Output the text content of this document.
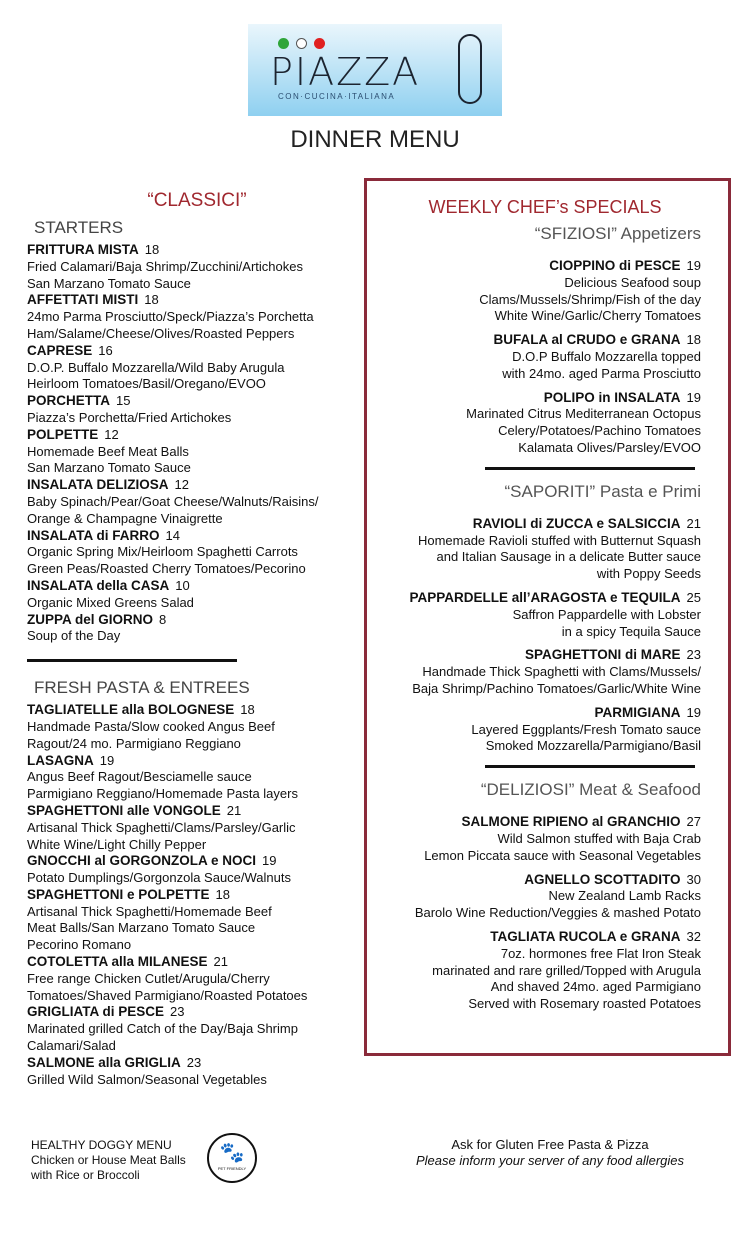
PIAZZA
CON·CUCINA·ITALIANA
DINNER MENU
“CLASSICI”
STARTERS
FRITTURA MISTA 18
Fried Calamari/Baja Shrimp/Zucchini/Artichokes
San Marzano Tomato Sauce
AFFETTATI MISTI 18
24mo Parma Prosciutto/Speck/Piazza’s Porchetta
Ham/Salame/Cheese/Olives/Roasted Peppers
CAPRESE 16
D.O.P. Buffalo Mozzarella/Wild Baby Arugula
Heirloom Tomatoes/Basil/Oregano/EVOO
PORCHETTA 15
Piazza’s Porchetta/Fried Artichokes
POLPETTE 12
Homemade Beef Meat Balls
San Marzano Tomato Sauce
INSALATA DELIZIOSA 12
Baby Spinach/Pear/Goat Cheese/Walnuts/Raisins/
Orange & Champagne Vinaigrette
INSALATA di FARRO 14
Organic Spring Mix/Heirloom Spaghetti Carrots
Green Peas/Roasted Cherry Tomatoes/Pecorino
INSALATA della CASA 10
Organic Mixed Greens Salad
ZUPPA del GIORNO 8
Soup of the Day
FRESH PASTA & ENTREES
TAGLIATELLE alla BOLOGNESE 18
Handmade Pasta/Slow cooked Angus Beef
Ragout/24 mo. Parmigiano Reggiano
LASAGNA 19
Angus Beef Ragout/Besciamelle sauce
Parmigiano Reggiano/Homemade Pasta layers
SPAGHETTONI alle VONGOLE 21
Artisanal Thick Spaghetti/Clams/Parsley/Garlic
White Wine/Light Chilly Pepper
GNOCCHI al GORGONZOLA e NOCI 19
Potato Dumplings/Gorgonzola Sauce/Walnuts
SPAGHETTONI e POLPETTE 18
Artisanal Thick Spaghetti/Homemade Beef
Meat Balls/San Marzano Tomato Sauce
Pecorino Romano
COTOLETTA alla MILANESE 21
Free range Chicken Cutlet/Arugula/Cherry
Tomatoes/Shaved Parmigiano/Roasted Potatoes
GRIGLIATA di PESCE 23
Marinated grilled Catch of the Day/Baja Shrimp
Calamari/Salad
SALMONE alla GRIGLIA 23
Grilled Wild Salmon/Seasonal Vegetables
WEEKLY CHEF’s SPECIALS
“SFIZIOSI” Appetizers
CIOPPINO di PESCE 19
Delicious Seafood soup
Clams/Mussels/Shrimp/Fish of the day
White Wine/Garlic/Cherry Tomatoes
BUFALA al CRUDO e GRANA 18
D.O.P Buffalo Mozzarella topped
with 24mo. aged Parma Prosciutto
POLIPO in INSALATA 19
Marinated Citrus Mediterranean Octopus
Celery/Potatoes/Pachino Tomatoes
Kalamata Olives/Parsley/EVOO
“SAPORITI” Pasta e Primi
RAVIOLI di ZUCCA e SALSICCIA 21
Homemade Ravioli stuffed with Butternut Squash
and Italian Sausage in a delicate Butter sauce
with Poppy Seeds
PAPPARDELLE all’ARAGOSTA e TEQUILA 25
Saffron Pappardelle with Lobster
in a spicy Tequila Sauce
SPAGHETTONI di MARE 23
Handmade Thick Spaghetti with Clams/Mussels/
Baja Shrimp/Pachino Tomatoes/Garlic/White Wine
PARMIGIANA 19
Layered Eggplants/Fresh Tomato sauce
Smoked Mozzarella/Parmigiano/Basil
“DELIZIOSI” Meat & Seafood
SALMONE RIPIENO al GRANCHIO 27
Wild Salmon stuffed with Baja Crab
Lemon Piccata sauce with Seasonal Vegetables
AGNELLO SCOTTADITO 30
New Zealand Lamb Racks
Barolo Wine Reduction/Veggies & mashed Potato
TAGLIATA RUCOLA e GRANA 32
7oz. hormones free Flat Iron Steak
marinated and rare grilled/Topped with Arugula
And shaved 24mo. aged Parmigiano
Served with Rosemary roasted Potatoes
HEALTHY DOGGY MENU
Chicken or House Meat Balls
with Rice or Broccoli
🐾
PET FRIENDLY
Ask for Gluten Free Pasta & Pizza
Please inform your server of any food allergies
